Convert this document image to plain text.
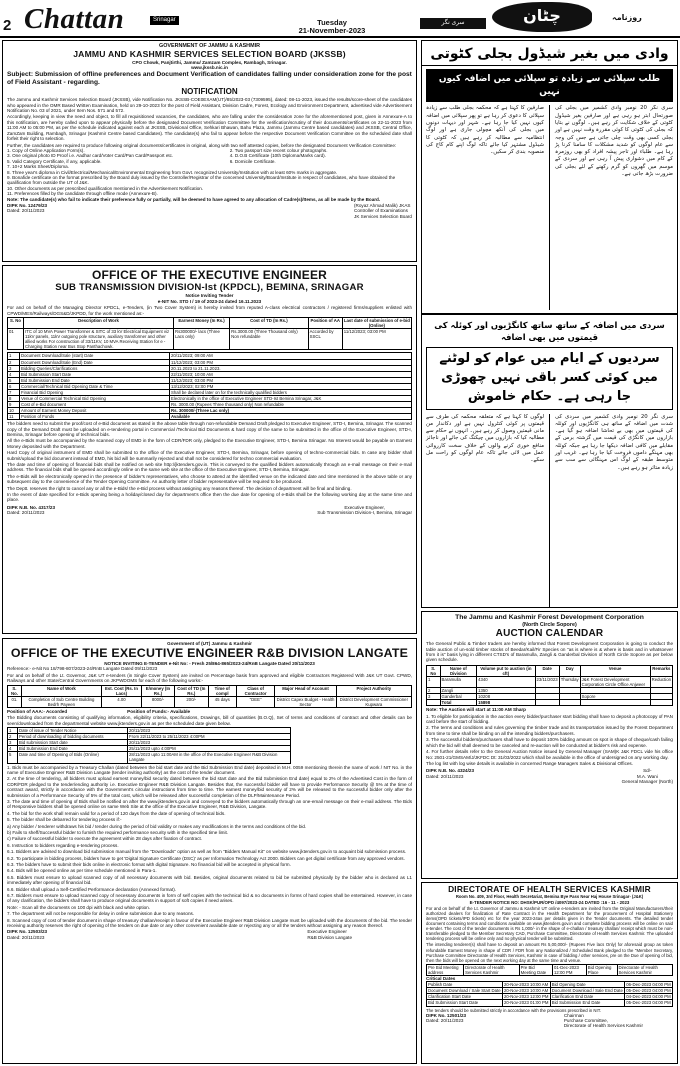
2 Chattan	Srinagar	Tuesday
21-November-2023
سری نگر	چٹان	روزنامہ
GOVERNMENT OF JAMMU & KASHMIR
JAMMU AND KASHMIR SERVICES SELECTION BOARD (JKSSB)
CPO Chowk, Panjtirthi, Jammu/ Zamzam Complex, Rambagh, Srinagar.
www.jkssb.nic.in
Subject: Submission of offline preferences and Document Verification of candidates falling under consideration zone for the post of Field Assistant - regarding.
NOTIFICATION
The Jammu and Kashmir Services Selection Board (JKSSB), vide Notification No. JKSSB-COE0EXAM(UT)/85/2023-03 (7309595), dated: 08-11-2023, issued the results/score-sheet of the candidates who appeared in the OMR Based Written Examination, held on 29-10-2023 for the post of Field Assistant, Division Cadre, Forest, Ecology and Environment Department, advertised vide Advertisement Notification No. 03 of 2021, under Item Nos. 571 and 572.
Accordingly, keeping in view the need and object, to fill all requisitioned vacancies, the candidates, who are falling under the consideration zone for the aforementioned post, given in Annexure-A to this notification, are hereby called upon to appear physically before the designated Document Verification Committee for the verification/scrutiny of their documents/certificates on 22-11-2023 from 11:00 AM to 05:00 PM, as per the schedule indicated against each at JKSSB, Divisional Office, Sehkari Bhawan, Bahu Plaza, Jammu (Jammu Centre based candidates) and JKSSB, Central Office, ZamZam Building, Rambagh, Srinagar (Kashmir Centre based Candidates). The candidate(s) who fail to appear before the respective Document Verification Committee on the scheduled date shall forfeit their right to selection.
Further, the candidates are required to produce following original documents/certificates in original, along with two self attested copies, before the designated Document Verification Committee:
1. Copy of Online Application Form(s).
3. One original photo ID Proof i.e. Aadhar card/Voter Card/Pan Card/Passport etc.
5. Valid Category Certificate, if any, applicable.
7. 10+2 Marks Sheet/Diploma.
2. Two passport size recent colour photographs.
4. D.O.B Certificate (10th Diploma/Marks card).
6. Domicile Certificate.
8. Three year's diploma in Civil/Electrical/Mechanical/Environmental Engineering from Govt. recognized University/Institution with at least 60% marks in aggregate.
9. Bonafide certificate on the format prescribed by the Board duly issued by the Controller/Registrar of the concerned University/Board/Institute in respect of candidates, who have obtained the qualification from outside the UT of J&K.
10. Other documents as per prescribed qualification mentioned in the Advertisement Notification.
11. Preferences filled by the candidate through offline mode (Annexure-B).
Note: The candidate(s) who fail to indicate their preference fully or partially, will be deemed to have agreed to any allocation of Cadre(s)/Items, as all be made by the Board.
DIPK No. 12479/23
Dated: 20/11/2023
(Royaz Ahmad Malik) JKAS
Controller of Examinations
JK Services Selection Board
OFFICE OF THE EXECUTIVE ENGINEER
SUB TRANSMISSION DIVISION-Ist (KPDCL), BEMINA, SRINAGAR
Notice Inviting Tender
e-NIT No. STD I / 19 of 2023-24 dated 16.11.2023
For and on behalf of the Managing Director KPDCL, e-Tenders, (in Two Cover System) is hereby invited from reputed A-class electrical contractors / registered firms/suppliers enlisted with CPWD/MES/Railways/DGS&D/JKPDD, for the work mentioned as:-
S. No	Description of Work	Earnest Money (In Rs.)	Cost of TD (In Rs.)	Position of AA	Last date of submission of e-bid (Online)
01	ITC of 10 MVA Power Transformer & SITC of 33 kV Electrical Equipment viz 11kV panels, 11kV outgoing pole structure, auxiliary transformer and other allied works For construction of 33/11KV, 10 MVA Receiving Station for e -Charging Station near Bus Stop Panthachowk.	Rs300000/- lacs (Three Lacs only)	Rs.3000.00 (Three Thousand only) Non refundable	Accorded by SSCL	11/12/2023; 03:00 PM
1	Document Download/Sale (start) Date	20/11/2023; 09:00 AM
2	Document Download/Sale (End) Date	11/12/2023; 03:00 PM
3	Bidding Queries/Clarifications	20.11.2023 to 21.11.2023.
4	Bid Submission Start Date	22/11/2023; 10:00 AM
5	Bid Submission End Date	11/12/2023; 03:00 PM
6	Commercial/Technical Bid Opening Date & Time	13/12/2023; 02:00 PM
7	Financial Bid Opening	Shall be declared later on for the technically qualified bidders
8	Venue of Commercial Technical Bid Opening	Electronically in the office of Executive Engineer STD-Ist Bemina Srinagar, J&K
9	Cost of e-Bid document	Rs. 3000.00 (Rupees Three thousand only) Non refundable
10	Amount of Earnest Money Deposit	Rs. 300000/-(Three Lac only)
11	Position of Funds	Available
The bidders need to submit the proof/cost of e-Bid document as stated in the above table through non-refundable Demand Draft pledged to Executive Engineer, STD-I, Bemina, Srinagar. The scanned copy of the Demand Draft must be uploaded on e-tendering portal in Commercial /Technical Bid Documents & hard copy of the same to be submitted in the office of the Executive Engineer, STD-I, Bemina, Srinagar before opening of technical bids.
All the e-Bids must be accompanied by the scanned copy of EMD in the form of CDR/FDR only, pledged to the Executive Engineer, STD-I, Bemina Srinagar. No Interest would be payable on Earnest Money deposited with the Department.
Hard Copy of original instrument of EMD shall be submitted to the office of the Executive Engineer, STD-I, Bemina, Srinagar, before opening of techno-commercial bids. In case any bidder shall submit/upload the bid document instead of EMD, his bid will be summarily rejected and shall not be considered for techno commercial evaluation.
The date and time of opening of financial bids shall be notified on web site http://jktenders.gov.in. This is conveyed to the qualified bidders automatically through an e-mail message on their e-mail address. The financial bids shall be opened accordingly online on the same web site at the office of the Executive Engineer, STD-I, Bemina, Srinagar.
The e-Bids will be electronically opened in the presence of bidder's representatives, who choose to attend at the identified venue on the indicated date and time mentioned in the above table or any subsequent day to the convenience of the Tender Opening Committee. An authority letter of bidder representative will be required to be produced.
The Deptt. reserves the right to cancel any or all the e-Bids/ the e-Bid process without assigning any reasons thereof. The decision of department will be final and binding.
In the event of date specified for e-Bids opening being a holiday/closed day for department's office then the due date for opening of e-Bids shall be the following working day at the same time and place.
DIPK N.B. No. 4317/23
Dated: 20/11/2023
Executive Engineer,
Sub Transmission Division-I, Bemina, Srinagar
Government of (UT) Jammu & Kashmir
OFFICE OF THE EXECUTIVE ENGINEER R&B DIVISION LANGATE
NOTICE INVITING E-TENDER e-Nit No: - Fresh 25/864-865/2023-24/RnB Langate Dated 20/11/2023
Reference:- e-Nit No 18/798-807/2023-24/RnB Langate Dated 09/11/2023
For and on behalf of the Lt. Governor, J&K UT e-tenders (in Single Cover System) are invited on Percentage basis from approved and eligible Contractors Registered With J&K UT Govt. CPWD, Railways and other State/Central Governments on JKPWDOMS for each of the following works:-
S. No.	Name of Work	Est. Cost (Rs. In Lacs)	E/money (In Rs.)	Cost of TD (In Rs.)	Time of compl	Class of Contractor	Major Head of Account	Project Authority
01.	Completion of Sub Centre Building Bedrh Payeen	4.00	8000/-	200/-	45 days	"DEE"	District Capex Budget - Health Sector	District Development Commissioner Kupwara
Position of AAA:- Accorded	Position of Funds:- Available
The Bidding documents consisting of qualifying information, eligibility criteria, specifications, Drawings, bill of quantities (B.O.Q), Set of terms and conditions of contract and other details can be seen/downloaded from the departmental website www.jktenders.gov.in as per the scheduled date given below.
1	Date of issue of Tender Notice	20/11/2023
2	Period of downloading of bidding documents	From 22/11/2023 to 25/11/2023 4:00PM
3	Bid submission Start date	20/11/2023
4	Bid Submission End Date	25/11/2023 upto 4:00PM
5	Date and time of Opening of Bids (Online)	28/11/2023 upto 11:00AM in the office of the Executive Engineer R&B Division Langate
1. Bids must be accompanied by a Treasury Challan (dated between the bid start date and the Bid Submission End date) deposited in M.H. 0059 mentioning therein the name of work / NIT No. in the name of Executive Engineer R&B Division Langate (tender inviting authority) as the cost of the tender document.
2. At the time of tendering, all bidders must upload earnest money/bid security dated between the bid start date and the Bid Submission End date) equal to 2% of the Advertised Cost in the form of CDR/FDR pledged to the tender/ending authority i.e. Executive Engineer R&B Division Langate. Besides that, the successful bidder will have to provide Performance Security @ 5% at the time of contract award, strictly in accordance with the Government's circular instructions from time to time. The earnest money/bid security of 2% will be released to the successful bidder only after the submission of a Performance Security of 5% of the total cost, which will be released after successful completion of the DLP/Maintenance Period.
3. The date and time of opening of Bids shall be notified on after the www.jktenders.gov.in and conveyed to the bidders automatically through an one-email message on their e-mail address. The Bids of Responsive bidders shall be opened online on same Web Site at the office of the Executive Engineer, R&B Division, Langate.
4. The bid for the work shall remain valid for a period of 120 days from the date of opening of technical bids.
5. The bidder shall be debarred for tendering process if:-
a) Any bidder / tenderer withdraws his bid / tender during the period of bid validity or makes any modifications in the terms and conditions of the bid.
b) Fails to sheff/Successful bidder to furnish the required performance security with in the specified time limit.
c) Failure of successful bidder to execute the agreement within 28 days after fixation of contract.
6. Instruction to bidders regarding e-tendering process.
6.1. Bidders are advised to download bid submission manual from the "Downloads" option as well as from "Bidders Manual Kit" on website www.jktenders.gov.in to acquaint bid submission process.
6.2. To participate in bidding process, bidders have to get 'Digital Signature Certificate (DSC)' as per Information Technology Act 2000. Bidders can get digital certificate from any approved vendors.
6.3. The bidders have to submit their bids online in electronic format with digital Signature. No financial bid will be accepted in physical form.
6.4. Bids will be opened online as per time schedule mentioned in Para-1.
6.5. Bidders must ensure to upload scanned copy of all necessary documents with bid. Besides, original documents related to bid be submitted physically by the bidder who is declared as L1 immediately after opening of financial bid.
6.6. Bidder shall upload a Self-Certified Performance declaration (Annexed format).
6.7. Bidders must ensure to upload scanned copy of necessary documents in form of self copies with the technical bid & no documents in forms of hard copies shall be entertained. However, in case of any clarification, the bidders shall have to produce original documents in support of soft copies if need arises.
Note: - Scan all the documents on 100 dpi with black and white option.
7. The department will not be responsible for delay in online submission due to any reasons.
8. Scanned copy of cost of tender document in shape of treasury challan/receipt in favour of the Executive Engineer R&B Division Langate must be uploaded with the documents of the bid. The tender receiving authority reserves the right of opening of the tenders on due date or any other convenient available date or rejecting any or all the tenders without assigning any reason thereof.
DIPK No. 12503/23
Dated: 20/11/2023
Executive Engineer
R&B Division Langate
وادی میں بغیر شیڈول بجلی کٹوتی
طلب سپلائی سے زیادہ تو سپلائی میں اضافہ کیوں نہیں
صارفین کا کہنا ہے کہ محکمہ بجلی طلب سے زیادہ سپلائی کا دعوی کر رہا ہے تو پھر سپلائی میں اضافہ کیوں نہیں کیا جا رہا ہے۔ شہر اور دیہات دونوں میں بجلی کی آنکھ مچولی جاری ہے اور لوگ انتظامیہ سے مطالبہ کر رہے ہیں کہ کٹوتی کا شیڈول مشتہر کیا جائے تاکہ لوگ اپنے کام کاج کی منصوبہ بندی کر سکیں۔
سری نگر 20 نومبر وادی کشمیر میں بجلی کی صورتحال ابتر ہو رہی ہے اور صارفین بغیر شیڈول کٹوتی کے خلاف شکایت کر رہے ہیں۔ لوگوں نے بتایا کہ بجلی کی کٹوتی کا کوئی مقررہ وقت نہیں ہے اور بجلی کسی بھی وقت چلی جاتی ہے جس کی وجہ سے عام لوگوں کو شدید مشکلات کا سامنا کرنا پڑ رہا ہے۔ طلباء اور تاجر پیشہ افراد کو بھی روزمرہ کے کام میں دشواری پیش آ رہی ہے اور سردی کے موسم میں گھروں کو گرم رکھنے کے لئے بجلی کی ضرورت بڑھ جاتی ہے۔
سردی میں اضافہ کے ساتھ ساتھ کانگڑیوں اور کوئلہ کی قیمتوں میں بھی اضافہ
سردیوں کے ایام میں عوام کو لوٹنے میں کوئی کسر باقی نہیں چھوڑی جا رہی ہے۔ حکام خاموش
لوگوں کا کہنا ہے کہ متعلقہ محکمہ کی طرف سے قیمتوں پر کوئی کنٹرول نہیں ہے اور دکاندار من مانی قیمتیں وصول کر رہے ہیں۔ انہوں نے حکام سے مطالبہ کیا کہ بازاروں میں چیکنگ کی جائے اور ناجائز منافع خوری کرنے والوں کے خلاف سخت کارروائی عمل میں لائی جائے تاکہ عام لوگوں کو راحت مل سکے۔
سری نگر 20 نومبر وادی کشمیر میں سردی کی شدت میں اضافہ کے ساتھ ہی کانگڑیوں اور کوئلہ کی قیمتوں میں بھی بے تحاشا اضافہ ہو گیا ہے۔ بازاروں میں کانگڑی کی قیمت میں گزشتہ برس کے مقابلے میں کافی اضافہ دیکھا جا رہا ہے جبکہ کوئلہ بھی مہنگے داموں فروخت کیا جا رہا ہے۔ غریب اور متوسط طبقہ کے لوگ اس مہنگائی سے سب سے زیادہ متاثر ہو رہے ہیں۔
The Jammu and Kashmir Forest Development Corporation
(North Circle Sopore)
AUCTION CALENDAR
The General Public & Timber traders are hereby informed that Forest Development Corporation is going to conduct the table auction of un-sold timber stocks of Beedar/Kail/Fir Species on "as is where is & where is basis and in whatsoever from it is" basis lying in different CTSD's of Baramulla, Zangli & Ganderbal Division of North Circle Sopore as per below given schedule.
S. No	Name of Division	Volume put to auction (in cft)	Date	Day	Venue	Remarks
1	Baramulla	4340	23/11/2023	Thursday	J&K Forest Development Corporation Circle Office Anjweer	Reduction
2	Zangli	1350				
3	Ganderbal	10208			Sopore	
	Total	15898				
Note: The Auction will start at 11:00 AM Sharp
1. To eligible for participation in the auction every bidder/purchaser start bidding shall have to deposit a photocopy of PAN card before the start of bidding.
2. The terms and conditions and rules governing the timber trade and its transportation issued by the Forest Department from time to time shall be binding on all the intending bidders/purchasers.
3. The successful bidders/purchasers shall have to deposit 100% bidding amount on spot in shape of cheque/cash failing which the bid will shall deemed to be canceled and re-auction will be conducted at bidder's risk and expense.
4. For further details refer to the General Auction Notice issued by General Manager (SAM)K J&K FDCL vide his office No: 2501-21/GMSAM/J/JKFDC Dt: 31/03/2022 which shall be available in the office of undersigned on any working day.
The log list with log wise details is available in concerned Range Managers Sales & Divisional Offices.
DIPK N.B. No. 4324/23
Dated: 20/11/2023
Sd/-
M.A. Wani
General Manager (North)
DIRECTORATE OF HEALTH SERVICES KASHMIR
Room No. 409, 3rd Floor, Health Secretariat, Bemina Bye Pass Near Haj House Srinagar- (J&K)
E-TENDER NOTICE NO: DHSK/PUR/OPD /4097/2023-24 DATED :16 - 11 - 2023
For and on behalf of the Lt. Governor of Jammu & Kashmir UT online e-tenders are invited from the Original Manufacturers/their authorized dealers for finalization of Rate Contract in the Health Department for the procurement of Hospital Stationery items(OPD tickets/IPD tickets) etc for the year 2023-24as per details given in the Tender documents. The detailed tender document containing terms and conditions available on www.jktenders.gov.in and complete bidding process will be online on said e-tender. The cost of the tender documents is Rs 1,000/- in the shape of e-challan / treasury challan/ receipt which must be non-transferable pledged to the Member Secretary CAD, Purchase Committee, Directorate of Health Services Kashmir. The uploaded tendering process will be online only and no physical tender will be submitted.
The intending tenderer(s) shall have to deposit an amount Rs 5,00,000/- (Rupees Five lacs Only) for aforesaid group as token refundable Earnest Money in shape of CDR / FDR from any Nationalized / Scheduled Bank pledged to the "Member Secretary, Purchase Committee Directorate of Health Services, Kashmir in case of bidding / other services, pre on the Due of opening of bid, then the bids will be opened on the next working day at the same time and venue.
Pre Bid Meeting address	Directorate of Health Services Kashmir	Pre Bid Meeting Date	01-Dec-2023 12:00 PM	Bid Opening Place	Directorate of Health Services Kashmir
Critical Dates
Publish Date	20-Nov-2023 10:00 AM	Bid Opening Date	06-Dec-2023 04:00 PM
Document Download / Sale Start Date	20-Nov-2023 10:00 AM	Document Download / Sale End Date	05-Dec-2023 04:00 PM
Clarification Start Date	20-Nov-2023 12:00 PM	Clarification End Date	04-Dec-2023 04:00 PM
Bid Submission Start Date	20-Nov-2023 01:00 PM	Bid Submission End Date	05-Dec-2023 04:00 PM
The tenders should be submitted strictly in accordance with the provisions prescribed in NIT.
DIPK No. 12501/23
Dated: 20/11/2023
Chairman
Purchase Committee,
Directorate of Health Services Kashmir
